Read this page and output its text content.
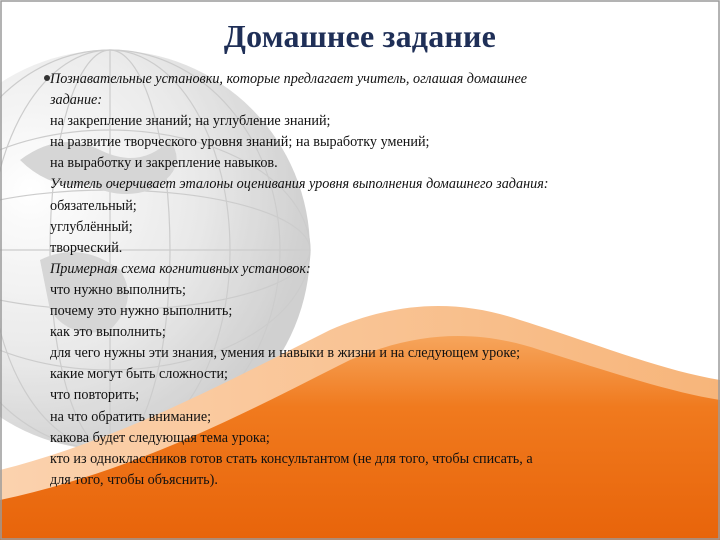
Домашнее задание
Познавательные установки, которые предлагает учитель, оглашая домашнее
задание:
на закрепление знаний; на углубление знаний;
на развитие творческого уровня знаний; на выработку умений;
на выработку и закрепление навыков.
Учитель очерчивает эталоны оценивания уровня выполнения домашнего задания:
обязательный;
углублённый;
творческий.
Примерная схема когнитивных установок:
что нужно выполнить;
почему это нужно выполнить;
как это выполнить;
для чего нужны эти знания, умения и навыки в жизни и на следующем уроке;
какие могут быть сложности;
что повторить;
на что обратить внимание;
какова будет следующая тема урока;
кто из одноклассников готов стать консультантом (не для того, чтобы списать, а
для того, чтобы объяснить).
